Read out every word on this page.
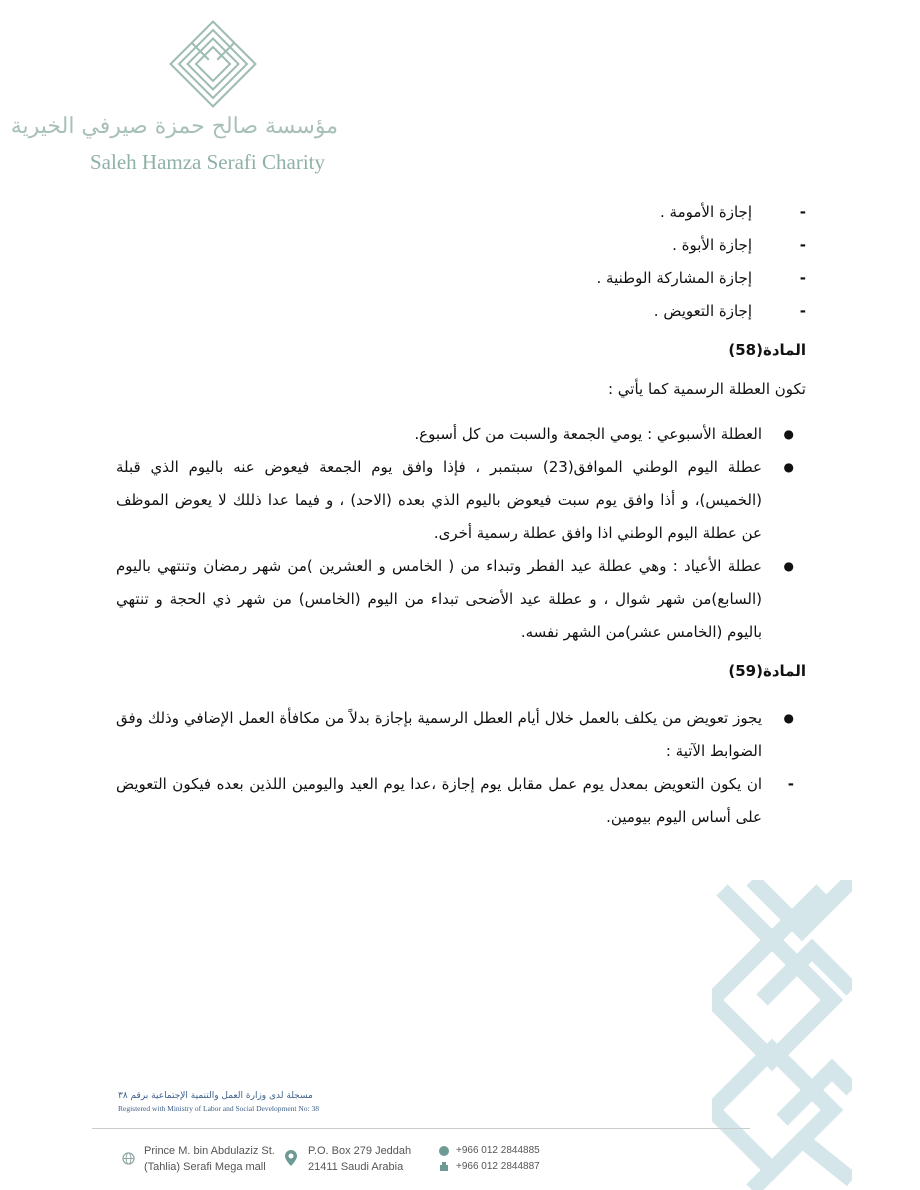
مؤسسة صالح حمزة صيرفي الخيرية
Saleh Hamza Serafi Charity
-
إجازة الأمومة .
-
إجازة الأبوة .
-
إجازة المشاركة الوطنية .
-
إجازة التعويض .
المادة(58)
تكون العطلة الرسمية كما يأتي :
●
العطلة الأسبوعي : يومي الجمعة والسبت من كل أسبوع.
●
عطلة اليوم الوطني الموافق(23) سبتمبر ، فإذا وافق يوم الجمعة فيعوض عنه باليوم الذي قبلة (الخميس)، و أذا وافق يوم سبت فيعوض باليوم الذي بعده (الاحد) ، و فيما عدا ذللك لا يعوض الموظف عن عطلة اليوم الوطني اذا وافق عطلة رسمية أخرى.
●
عطلة الأعياد : وهي عطلة عيد الفطر وتبداء من ( الخامس و العشرين )من شهر رمضان وتنتهي باليوم (السابع)من شهر شوال ، و عطلة عيد الأضحى تبداء من اليوم (الخامس) من شهر ذي الحجة و تنتهي باليوم (الخامس عشر)من الشهر نفسه.
المادة(59)
●
يجوز تعويض من يكلف بالعمل خلال أيام العطل الرسمية بإجازة بدلاً من مكافأة العمل الإضافي وذلك وفق الضوابط الآتية :
-
ان يكون التعويض بمعدل يوم عمل مقابل يوم إجازة ،عدا يوم العيد واليومين اللذين بعده فيكون التعويض على أساس اليوم بيومين.
مسجلة لدى وزارة العمل والتنمية الإجتماعية برقم ٣٨
Registered with Ministry of Labor and Social Development No: 38
Prince M. bin Abdulaziz St.
(Tahlia) Serafi Mega mall
P.O. Box 279 Jeddah
21411 Saudi Arabia
+966 012 2844885
+966 012 2844887
